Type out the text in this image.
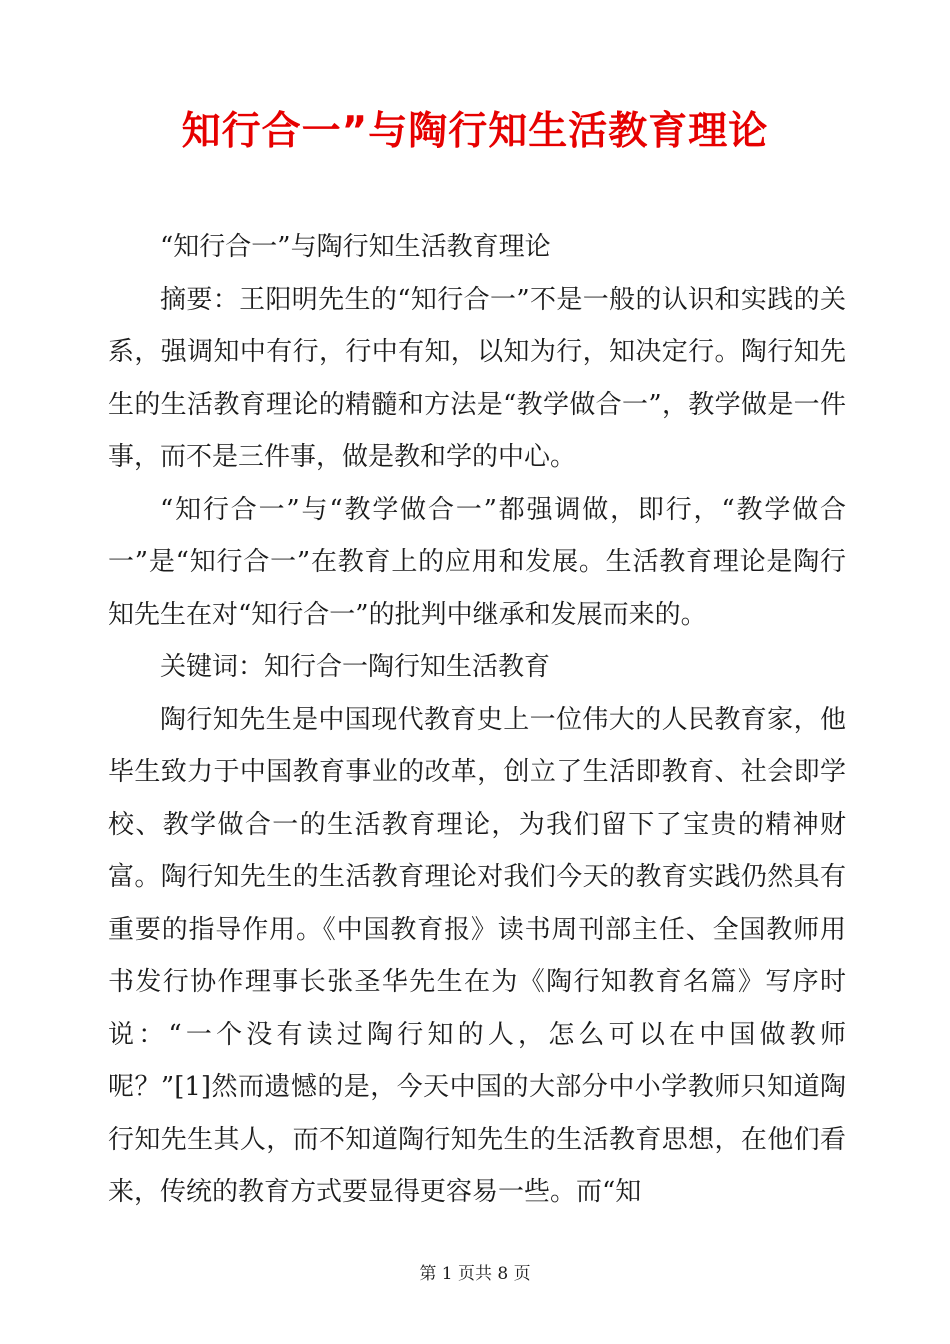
知行合一”与陶行知生活教育理论

“知行合一”与陶行知生活教育理论

摘要：王阳明先生的“知行合一”不是一般的认识和实践的关系，强调知中有行，行中有知，以知为行，知决定行。陶行知先生的生活教育理论的精髓和方法是“教学做合一”，教学做是一件事，而不是三件事，做是教和学的中心。

“知行合一”与“教学做合一”都强调做，即行，“教学做合一”是“知行合一”在教育上的应用和发展。生活教育理论是陶行知先生在对“知行合一”的批判中继承和发展而来的。

关键词：知行合一陶行知生活教育

陶行知先生是中国现代教育史上一位伟大的人民教育家，他毕生致力于中国教育事业的改革，创立了生活即教育、社会即学校、教学做合一的生活教育理论，为我们留下了宝贵的精神财富。陶行知先生的生活教育理论对我们今天的教育实践仍然具有重要的指导作用。《中国教育报》读书周刊部主任、全国教师用书发行协作理事长张圣华先生在为《陶行知教育名篇》写序时说：“一个没有读过陶行知的人，怎么可以在中国做教师呢？”[1]然而遗憾的是，今天中国的大部分中小学教师只知道陶行知先生其人，而不知道陶行知先生的生活教育思想，在他们看来，传统的教育方式要显得更容易一些。而“知

第 1 页共 8 页
